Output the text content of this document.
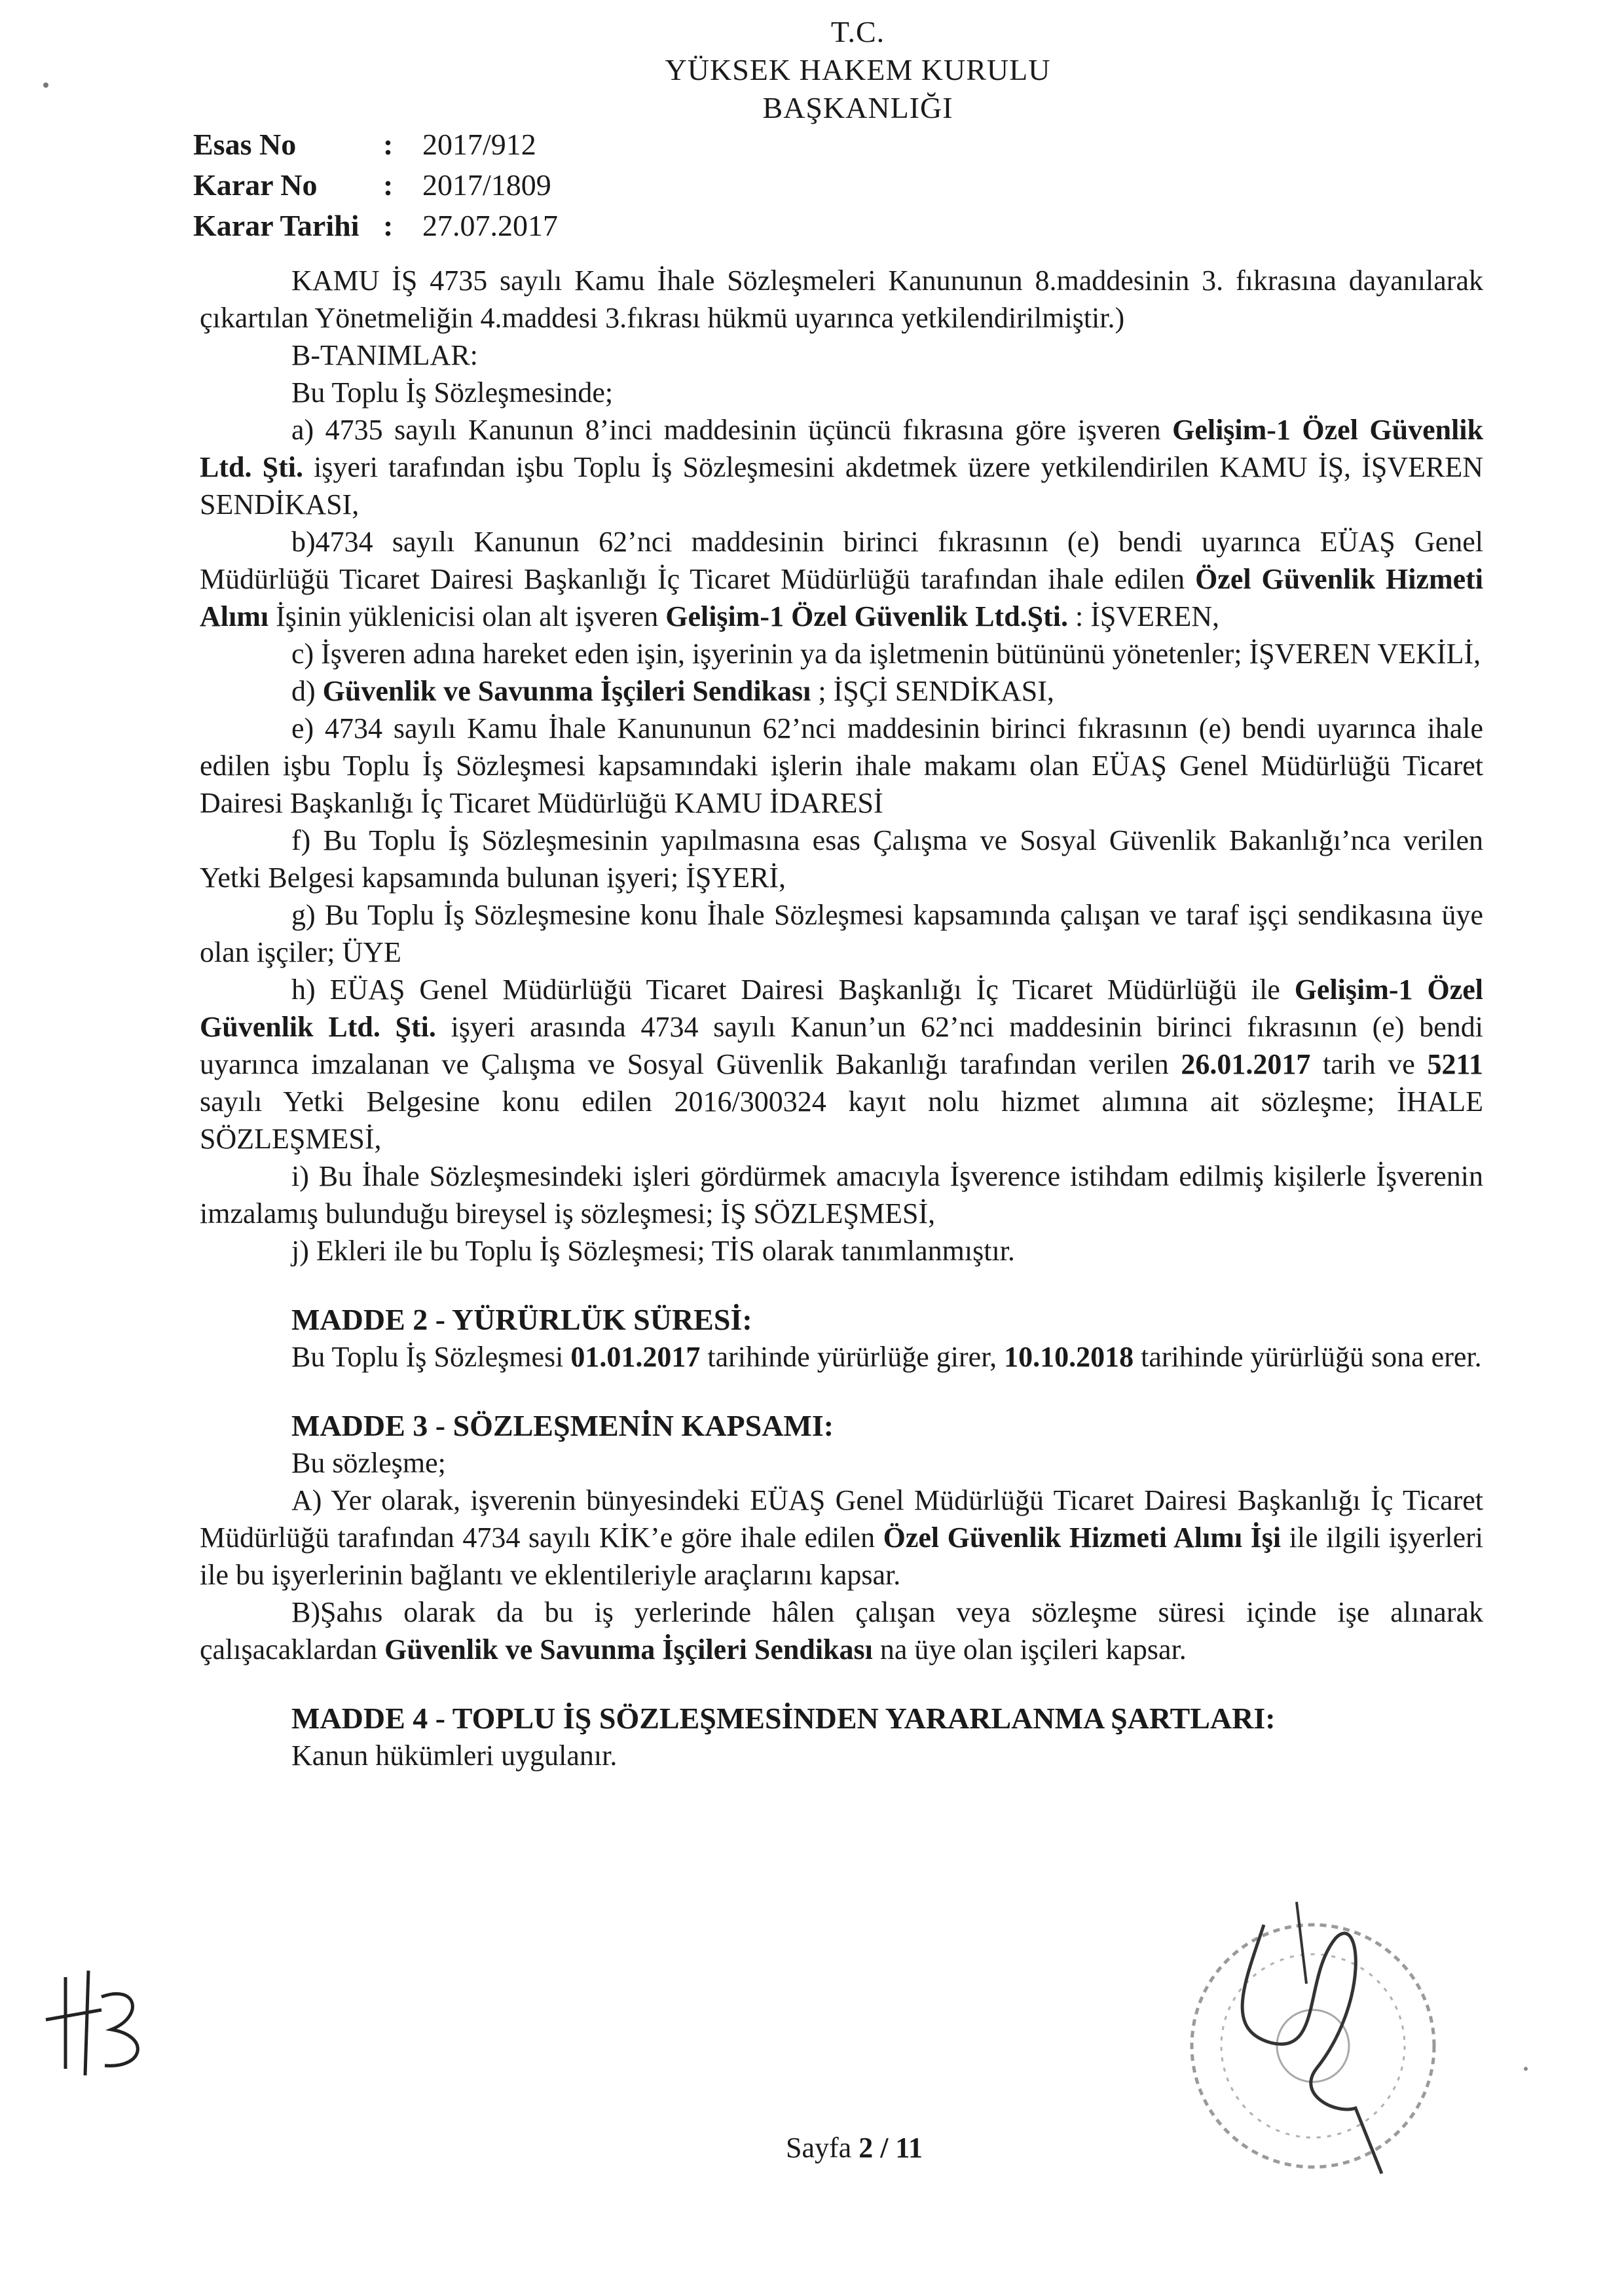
T.C.
YÜKSEK HAKEM KURULU
BAŞKANLIĞI
Esas No	: 2017/912
Karar No	: 2017/1809
Karar Tarihi : 27.07.2017

KAMU İŞ 4735 sayılı Kamu İhale Sözleşmeleri Kanununun 8.maddesinin 3. fıkrasına dayanılarak çıkartılan Yönetmeliğin 4.maddesi 3.fıkrası hükmü uyarınca yetkilendirilmiştir.)

B-TANIMLAR:

Bu Toplu İş Sözleşmesinde;

a) 4735 sayılı Kanunun 8’inci maddesinin üçüncü fıkrasına göre işveren Gelişim-1 Özel Güvenlik Ltd. Şti. işyeri tarafından işbu Toplu İş Sözleşmesini akdetmek üzere yetkilendirilen KAMU İŞ, İŞVEREN SENDİKASI,

b)4734 sayılı Kanunun 62’nci maddesinin birinci fıkrasının (e) bendi uyarınca EÜAŞ Genel Müdürlüğü Ticaret Dairesi Başkanlığı İç Ticaret Müdürlüğü tarafından ihale edilen Özel Güvenlik Hizmeti Alımı İşinin yüklenicisi olan alt işveren Gelişim-1 Özel Güvenlik Ltd.Şti. : İŞVEREN,

c) İşveren adına hareket eden işin, işyerinin ya da işletmenin bütününü yönetenler; İŞVEREN VEKİLİ,

d) Güvenlik ve Savunma İşçileri Sendikası ; İŞÇİ SENDİKASI,

e) 4734 sayılı Kamu İhale Kanununun 62’nci maddesinin birinci fıkrasının (e) bendi uyarınca ihale edilen işbu Toplu İş Sözleşmesi kapsamındaki işlerin ihale makamı olan EÜAŞ Genel Müdürlüğü Ticaret Dairesi Başkanlığı İç Ticaret Müdürlüğü KAMU İDARESİ

f) Bu Toplu İş Sözleşmesinin yapılmasına esas Çalışma ve Sosyal Güvenlik Bakanlığı’nca verilen Yetki Belgesi kapsamında bulunan işyeri; İŞYERİ,

g) Bu Toplu İş Sözleşmesine konu İhale Sözleşmesi kapsamında çalışan ve taraf işçi sendikasına üye olan işçiler; ÜYE

h) EÜAŞ Genel Müdürlüğü Ticaret Dairesi Başkanlığı İç Ticaret Müdürlüğü ile Gelişim-1 Özel Güvenlik Ltd. Şti. işyeri arasında 4734 sayılı Kanun’un 62’nci maddesinin birinci fıkrasının (e) bendi uyarınca imzalanan ve Çalışma ve Sosyal Güvenlik Bakanlığı tarafından verilen 26.01.2017 tarih ve 5211 sayılı Yetki Belgesine konu edilen 2016/300324 kayıt nolu hizmet alımına ait sözleşme; İHALE SÖZLEŞMESİ,

i) Bu İhale Sözleşmesindeki işleri gördürmek amacıyla İşverence istihdam edilmiş kişilerle İşverenin imzalamış bulunduğu bireysel iş sözleşmesi; İŞ SÖZLEŞMESİ,

j) Ekleri ile bu Toplu İş Sözleşmesi; TİS olarak tanımlanmıştır.

MADDE 2 - YÜRÜRLÜK SÜRESİ:

Bu Toplu İş Sözleşmesi 01.01.2017 tarihinde yürürlüğe girer, 10.10.2018 tarihinde yürürlüğü sona erer.

MADDE 3 - SÖZLEŞMENİN KAPSAMI:

Bu sözleşme;

A) Yer olarak, işverenin bünyesindeki EÜAŞ Genel Müdürlüğü Ticaret Dairesi Başkanlığı İç Ticaret Müdürlüğü tarafından 4734 sayılı KİK’e göre ihale edilen Özel Güvenlik Hizmeti Alımı İşi ile ilgili işyerleri ile bu işyerlerinin bağlantı ve eklentileriyle araçlarını kapsar.

B)Şahıs olarak da bu iş yerlerinde hâlen çalışan veya sözleşme süresi içinde işe alınarak çalışacaklardan Güvenlik ve Savunma İşçileri Sendikası na üye olan işçileri kapsar.

MADDE 4 - TOPLU İŞ SÖZLEŞMESİNDEN YARARLANMA ŞARTLARI:

Kanun hükümleri uygulanır.

Sayfa 2 / 11
